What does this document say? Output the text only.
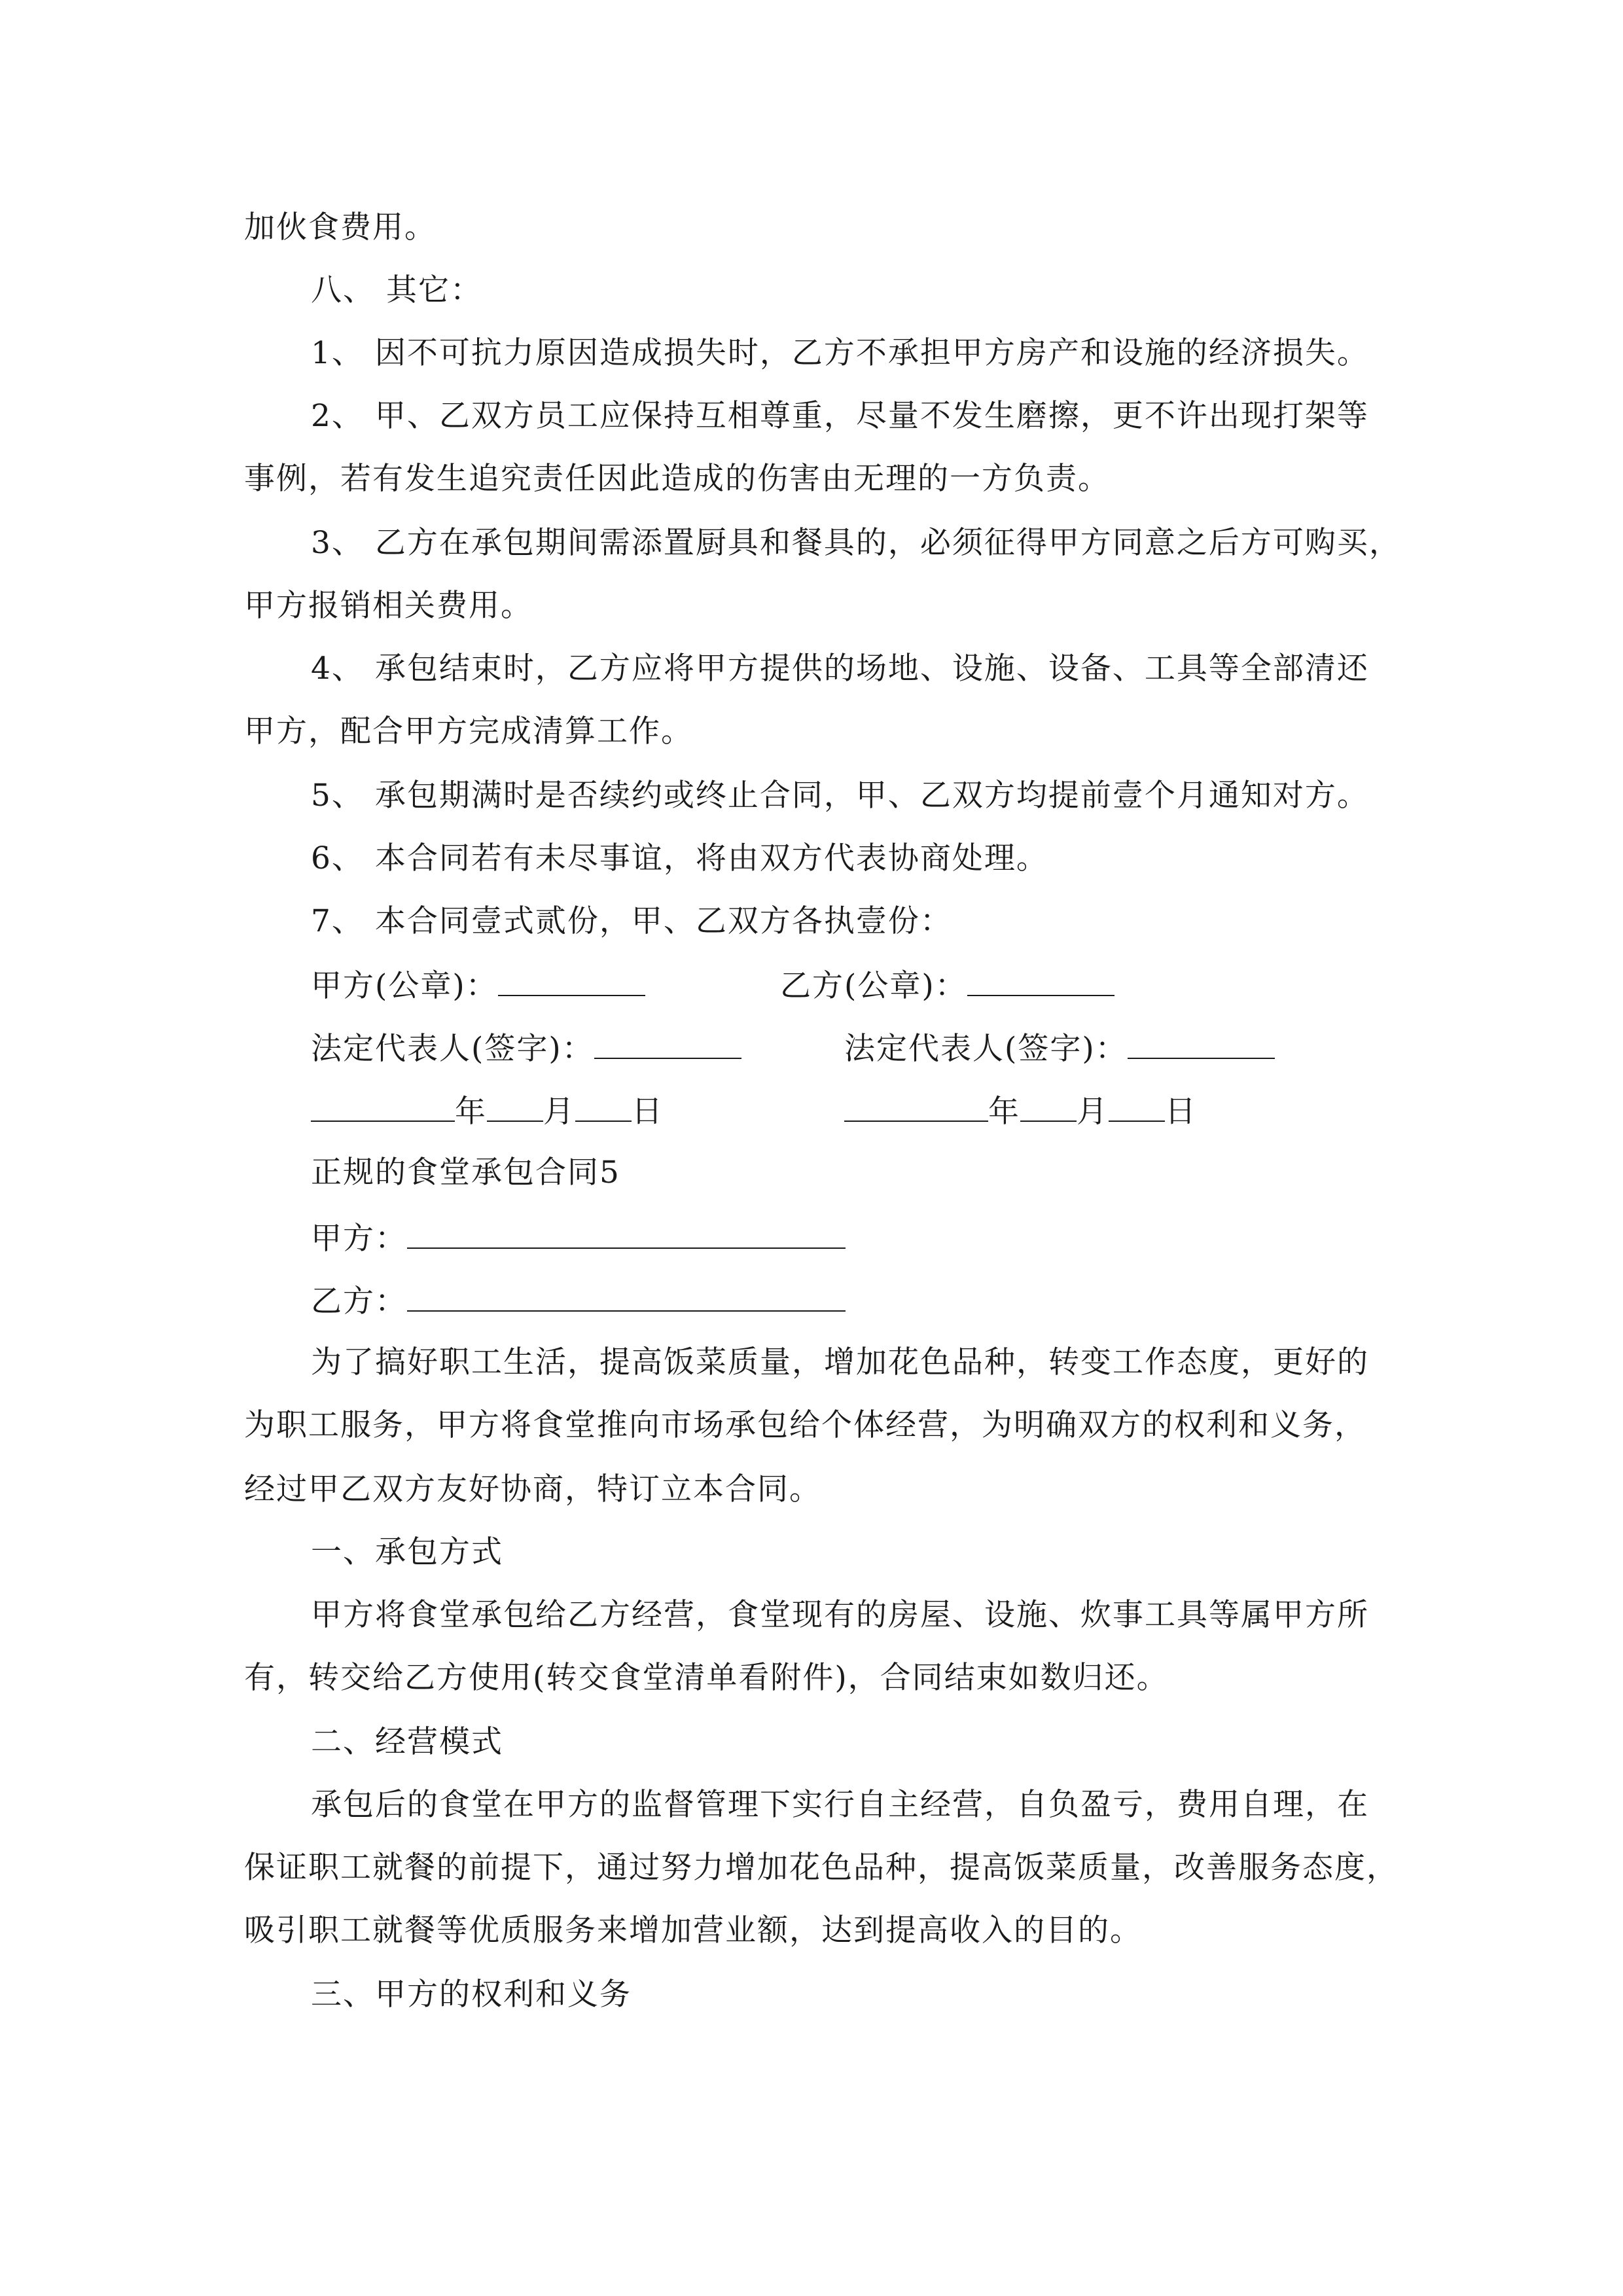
加伙食费用。
八、 其它：
1、 因不可抗力原因造成损失时，乙方不承担甲方房产和设施的经济损失。
2、 甲、乙双方员工应保持互相尊重，尽量不发生磨擦，更不许出现打架等
事例，若有发生追究责任因此造成的伤害由无理的一方负责。
3、 乙方在承包期间需添置厨具和餐具的，必须征得甲方同意之后方可购买，
甲方报销相关费用。
4、 承包结束时，乙方应将甲方提供的场地、设施、设备、工具等全部清还
甲方，配合甲方完成清算工作。
5、 承包期满时是否续约或终止合同，甲、乙双方均提前壹个月通知对方。
6、 本合同若有未尽事谊，将由双方代表协商处理。
7、 本合同壹式贰份，甲、乙双方各执壹份：
甲方(公章)：	乙方(公章)：
法定代表人(签字)：	法定代表人(签字)：
年 月 日	年 月 日
正规的食堂承包合同5
甲方：
乙方：
为了搞好职工生活，提高饭菜质量，增加花色品种，转变工作态度，更好的
为职工服务，甲方将食堂推向市场承包给个体经营，为明确双方的权利和义务，
经过甲乙双方友好协商，特订立本合同。
一、承包方式
甲方将食堂承包给乙方经营，食堂现有的房屋、设施、炊事工具等属甲方所
有，转交给乙方使用(转交食堂清单看附件)，合同结束如数归还。
二、经营模式
承包后的食堂在甲方的监督管理下实行自主经营，自负盈亏，费用自理，在
保证职工就餐的前提下，通过努力增加花色品种，提高饭菜质量，改善服务态度，
吸引职工就餐等优质服务来增加营业额，达到提高收入的目的。
三、甲方的权利和义务
